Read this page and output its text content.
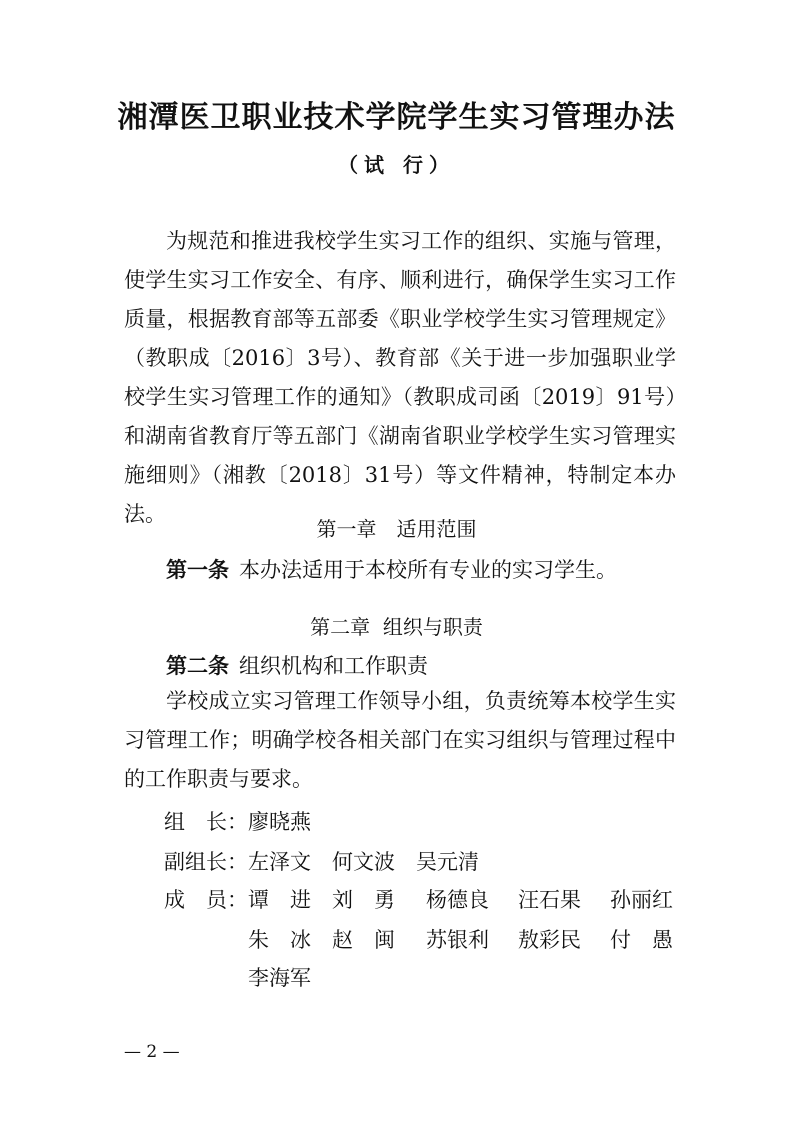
湘潭医卫职业技术学院学生实习管理办法
（试 行）
为规范和推进我校学生实习工作的组织、实施与管理，使学生实习工作安全、有序、顺利进行，确保学生实习工作质量，根据教育部等五部委《职业学校学生实习管理规定》（教职成〔2016〕3号）、教育部《关于进一步加强职业学校学生实习管理工作的通知》（教职成司函〔2019〕91号）和湖南省教育厅等五部门《湖南省职业学校学生实习管理实施细则》（湘教〔2018〕31号）等文件精神，特制定本办法。
第一章　适用范围
第一条 本办法适用于本校所有专业的实习学生。
第二章  组织与职责
第二条 组织机构和工作职责
学校成立实习管理工作领导小组，负责统筹本校学生实习管理工作；明确学校各相关部门在实习组织与管理过程中的工作职责与要求。
组　长： 廖晓燕
副组长： 左泽文 何文波 吴元清
成　员： 谭　进 刘　勇 杨德良 汪石果 孙丽红
朱　冰 赵　闽 苏银利 敖彩民 付　愚
李海军
— 2 —
